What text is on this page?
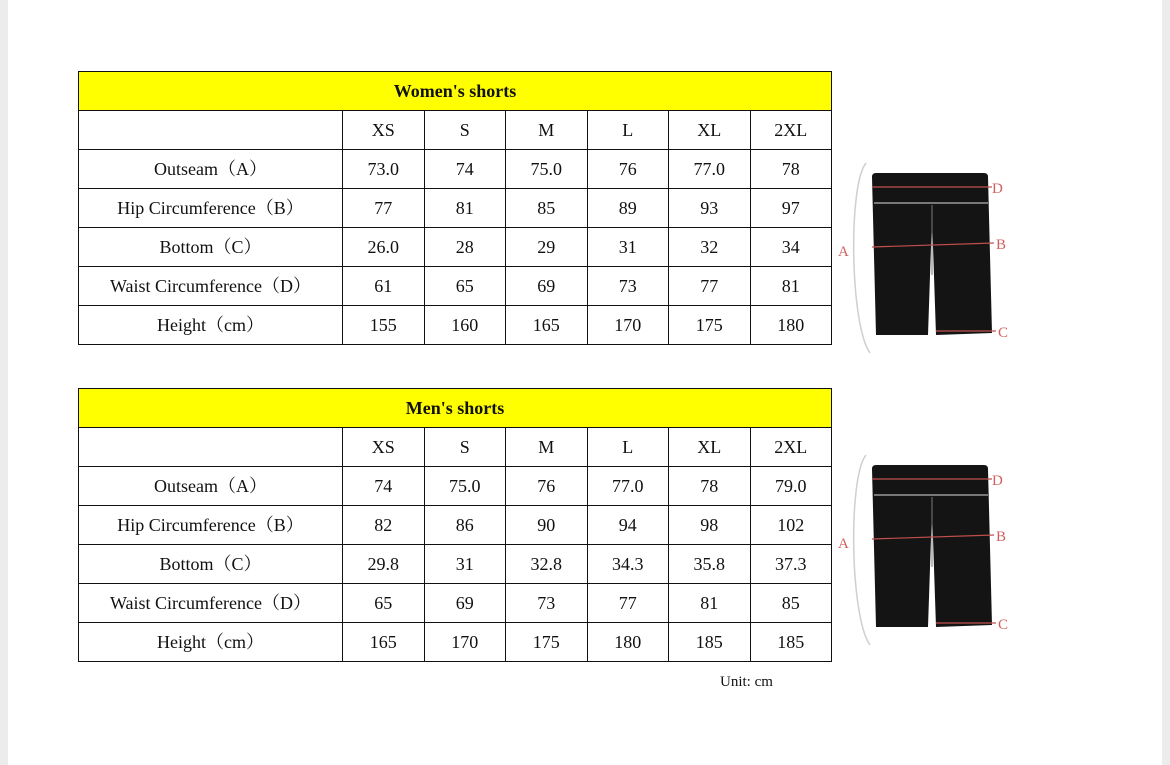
Women's shorts						
	XS	S	M	L	XL	2XL
Outseam（A）	73.0	74	75.0	76	77.0	78
Hip Circumference（B）	77	81	85	89	93	97
Bottom（C）	26.0	28	29	31	32	34
Waist Circumference（D）	61	65	69	73	77	81
Height（cm）	155	160	165	170	175	180
Men's shorts						
	XS	S	M	L	XL	2XL
Outseam（A）	74	75.0	76	77.0	78	79.0
Hip Circumference（B）	82	86	90	94	98	102
Bottom（C）	29.8	31	32.8	34.3	35.8	37.3
Waist Circumference（D）	65	69	73	77	81	85
Height（cm）	165	170	175	180	185	185
Unit: cm
D
B
C
A
D
B
C
A
